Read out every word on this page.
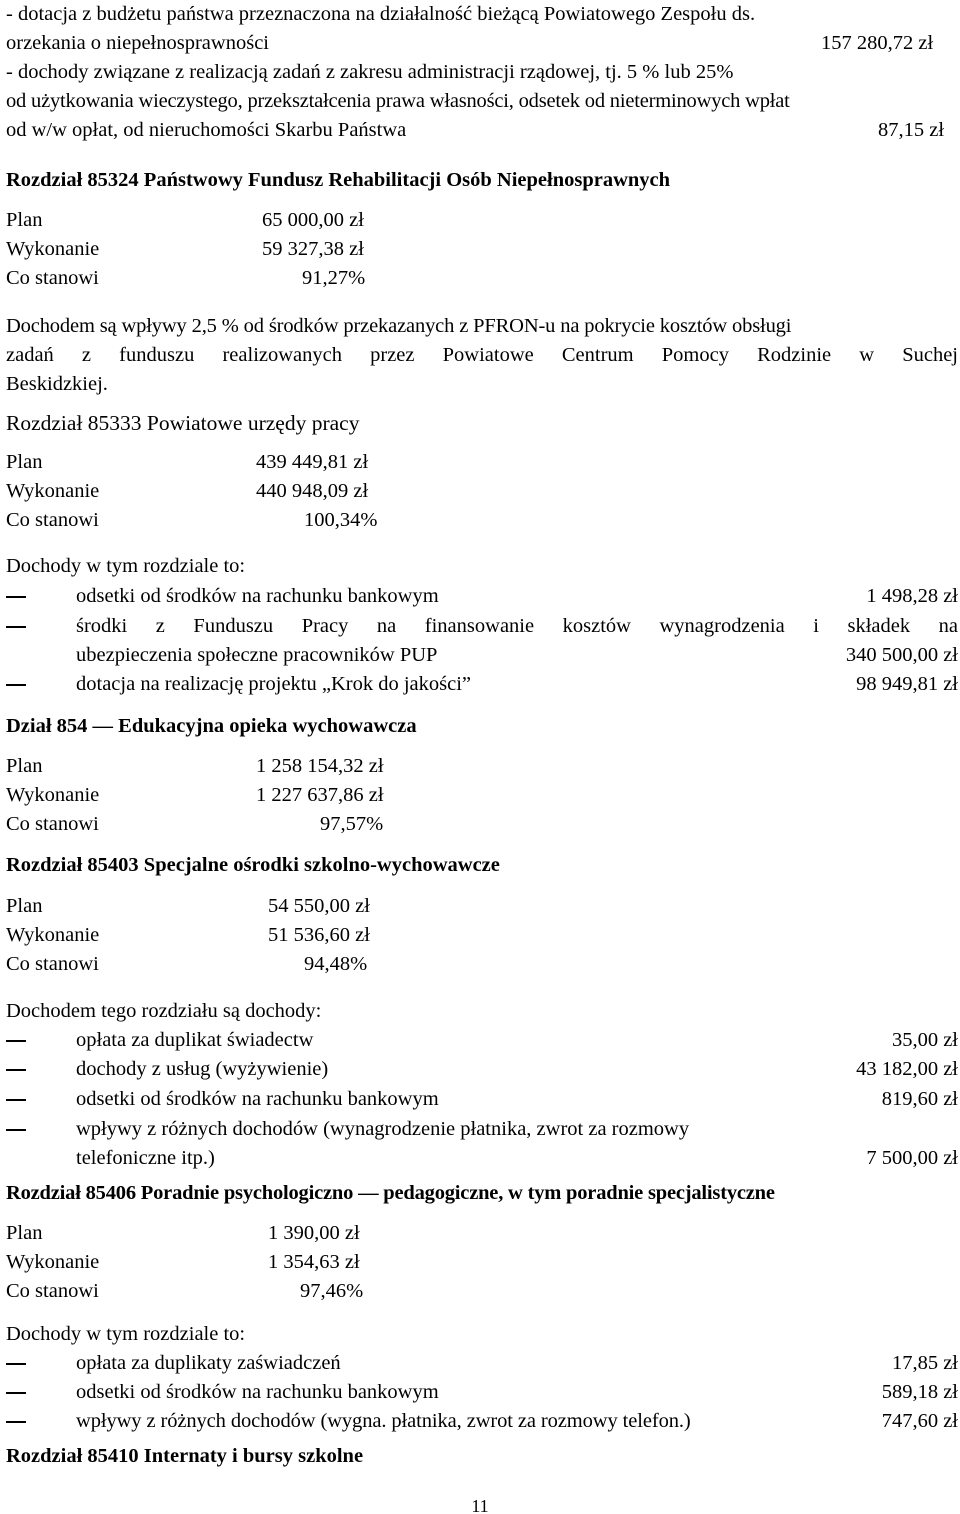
- dotacja z budżetu państwa przeznaczona na działalność bieżącą Powiatowego Zespołu ds.
orzekania o niepełnosprawności	157 280,72 zł
- dochody związane z realizacją zadań z zakresu administracji rządowej, tj. 5 % lub 25%
od użytkowania wieczystego, przekształcenia prawa własności, odsetek od nieterminowych wpłat
od w/w opłat, od nieruchomości Skarbu Państwa	87,15 zł
Rozdział 85324 Państwowy Fundusz Rehabilitacji Osób Niepełnosprawnych
Plan	65 000,00 zł
Wykonanie	59 327,38 zł
Co stanowi	91,27%
Dochodem są wpływy 2,5 % od środków przekazanych z PFRON-u na pokrycie kosztów obsługi
zadań z funduszu realizowanych przez Powiatowe Centrum Pomocy Rodzinie w Suchej
Beskidzkiej.
Rozdział 85333 Powiatowe urzędy pracy
Plan	439 449,81 zł
Wykonanie	440 948,09 zł
Co stanowi	100,34%
Dochody w tym rozdziale to:
odsetki od środków na rachunku bankowym	1 498,28 zł
środki z Funduszu Pracy na finansowanie kosztów wynagrodzenia i składek na
ubezpieczenia społeczne pracowników PUP	340 500,00 zł
dotacja na realizację projektu „Krok do jakości”	98 949,81 zł
Dział 854 — Edukacyjna opieka wychowawcza
Plan	1 258 154,32 zł
Wykonanie	1 227 637,86 zł
Co stanowi	97,57%
Rozdział 85403 Specjalne ośrodki szkolno-wychowawcze
Plan	54 550,00 zł
Wykonanie	51 536,60 zł
Co stanowi	94,48%
Dochodem tego rozdziału są dochody:
opłata za duplikat świadectw	35,00 zł
dochody z usług (wyżywienie)	43 182,00 zł
odsetki od środków na rachunku bankowym	819,60 zł
wpływy z różnych dochodów (wynagrodzenie płatnika, zwrot za rozmowy
telefoniczne itp.)	7 500,00 zł
Rozdział 85406 Poradnie psychologiczno — pedagogiczne, w tym poradnie specjalistyczne
Plan	1 390,00 zł
Wykonanie	1 354,63 zł
Co stanowi	97,46%
Dochody w tym rozdziale to:
opłata za duplikaty zaświadczeń	17,85 zł
odsetki od środków na rachunku bankowym	589,18 zł
wpływy z różnych dochodów (wygna. płatnika, zwrot za rozmowy telefon.)	747,60 zł
Rozdział 85410 Internaty i bursy szkolne
11
